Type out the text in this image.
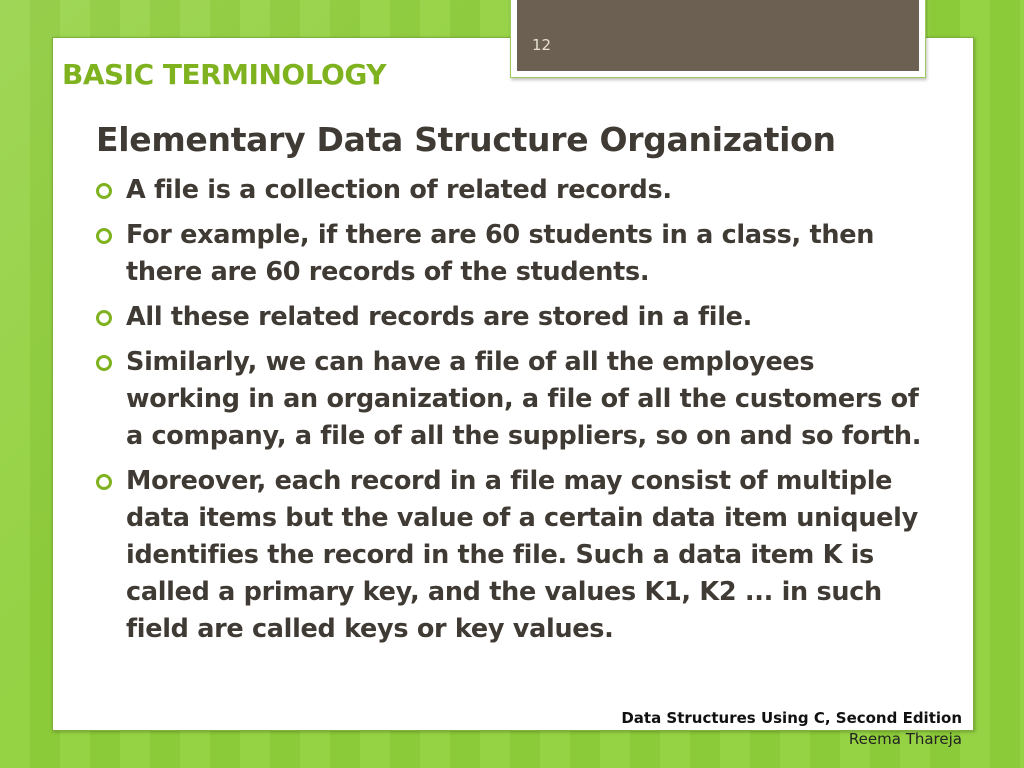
12
BASIC TERMINOLOGY
Elementary Data Structure Organization
A file is a collection of related records.
For example, if there are 60 students in a class, then there are 60 records of the students.
All these related records are stored in a file.
Similarly, we can have a file of all the employees working in an organization, a file of all the customers of a company, a file of all the suppliers, so on and so forth.
Moreover, each record in a file may consist of multiple data items but the value of a certain data item uniquely identifies the record in the file. Such a data item K is called a primary key, and the values K1, K2 ... in such field are called keys or key values.
Data Structures Using C, Second Edition
Reema Thareja
